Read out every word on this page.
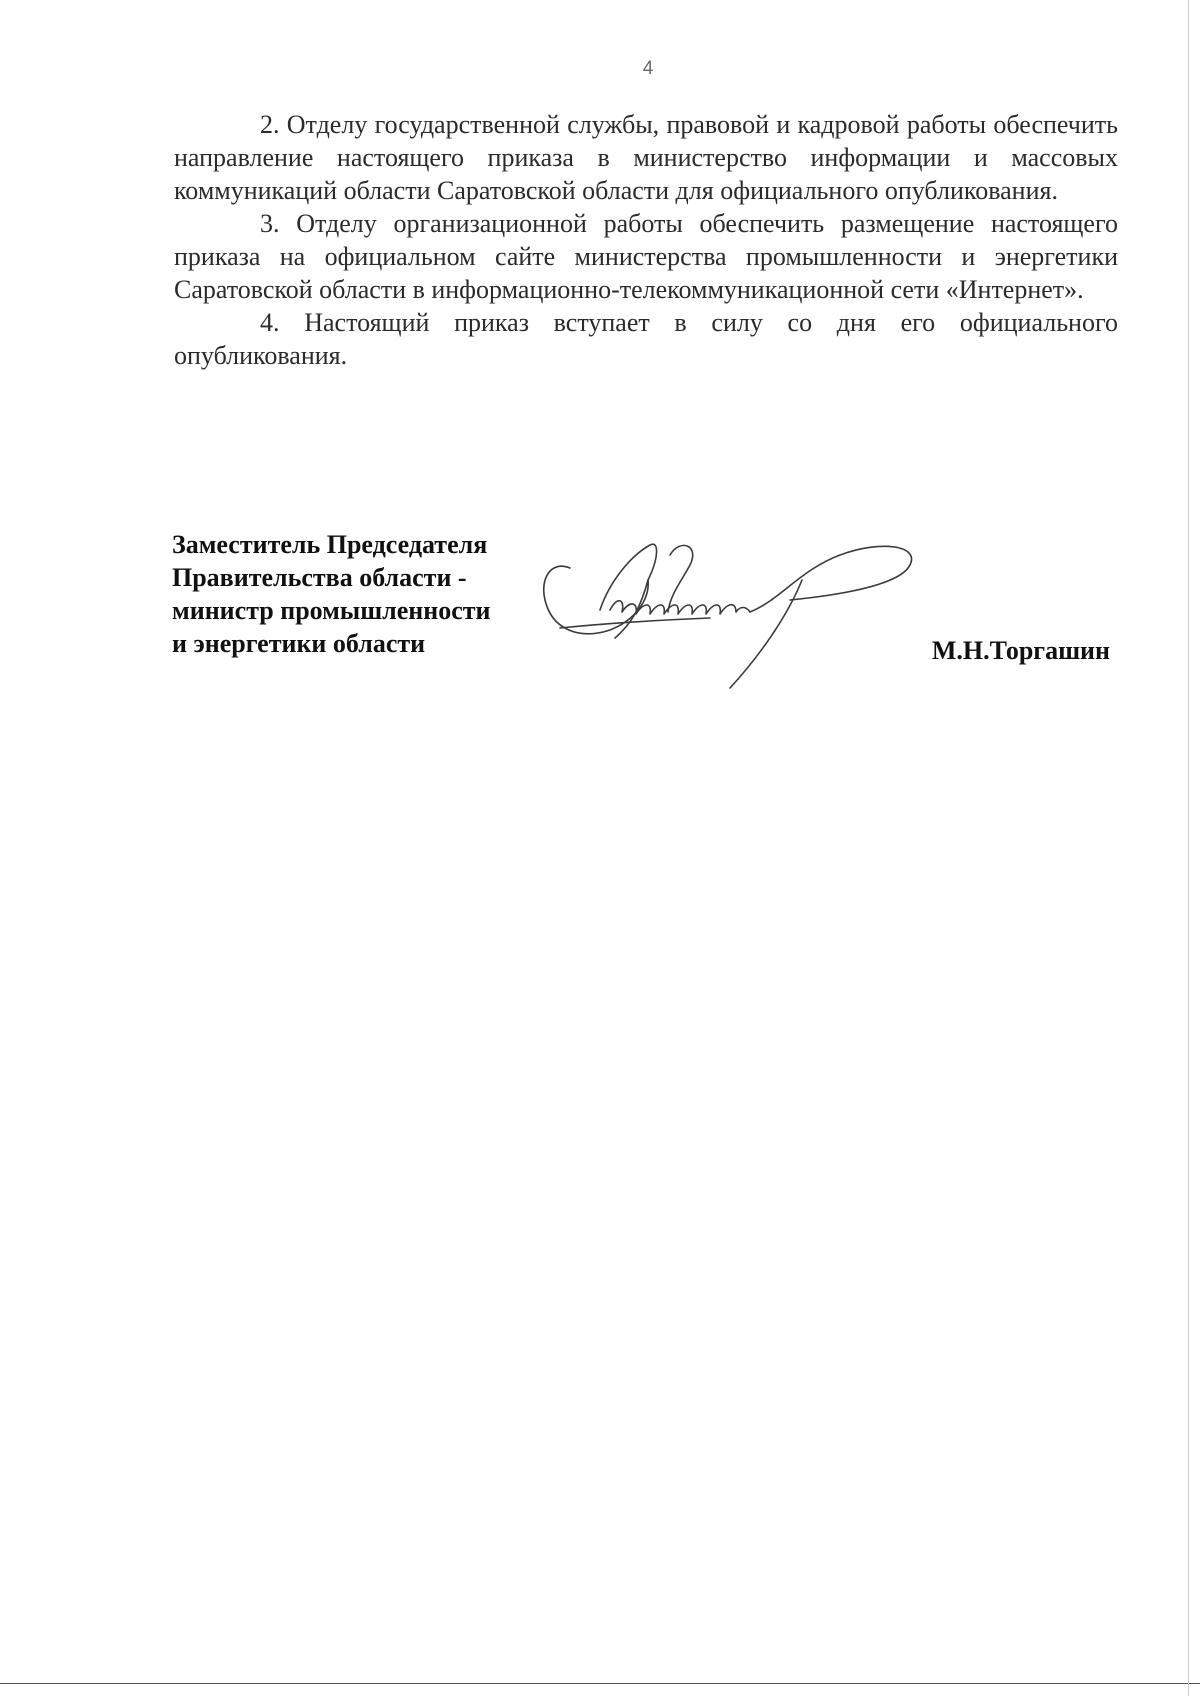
4

2. Отделу государственной службы, правовой и кадровой работы обеспечить направление настоящего приказа в министерство информации и массовых коммуникаций области Саратовской области для официального опубликования.

3. Отделу организационной работы обеспечить размещение настоящего приказа на официальном сайте министерства промышленности и энергетики Саратовской области в информационно-телекоммуникационной сети «Интернет».

4. Настоящий приказ вступает в силу со дня его официального опубликования.

Заместитель Председателя
Правительства области -
министр промышленности
и энергетики области	М.Н.Торгашин
